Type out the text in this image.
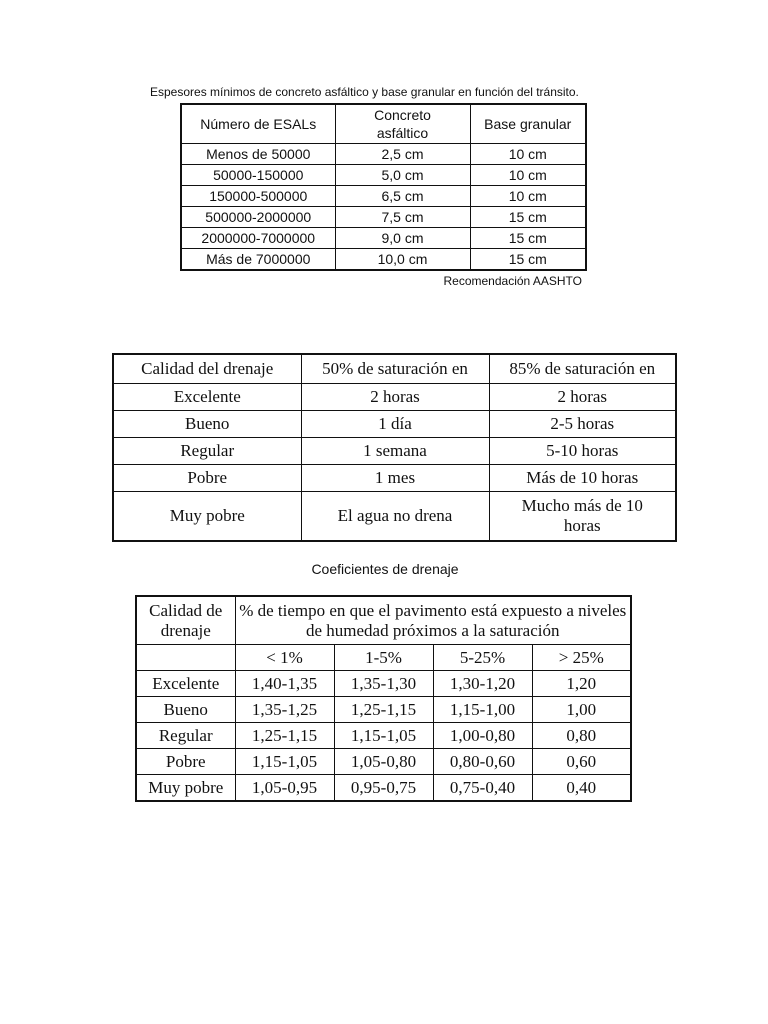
Espesores mínimos de concreto asfáltico y base granular en función del tránsito.
Número de ESALs	Concreto asfáltico	Base granular
Menos de 50000	2,5 cm	10 cm
50000-150000	5,0 cm	10 cm
150000-500000	6,5 cm	10 cm
500000-2000000	7,5 cm	15 cm
2000000-7000000	9,0 cm	15 cm
Más de 7000000	10,0 cm	15 cm
Recomendación AASHTO
Calidad del drenaje	50% de saturación en	85% de saturación en
Excelente	2 horas	2 horas
Bueno	1 día	2-5 horas
Regular	1 semana	5-10 horas
Pobre	1 mes	Más de 10 horas
Muy pobre	El agua no drena	Mucho más de 10 horas
Coeficientes de drenaje
Calidad de drenaje	% de tiempo en que el pavimento está expuesto a niveles de humedad próximos a la saturación			
	< 1%	1-5%	5-25%	> 25%
Excelente	1,40-1,35	1,35-1,30	1,30-1,20	1,20
Bueno	1,35-1,25	1,25-1,15	1,15-1,00	1,00
Regular	1,25-1,15	1,15-1,05	1,00-0,80	0,80
Pobre	1,15-1,05	1,05-0,80	0,80-0,60	0,60
Muy pobre	1,05-0,95	0,95-0,75	0,75-0,40	0,40
